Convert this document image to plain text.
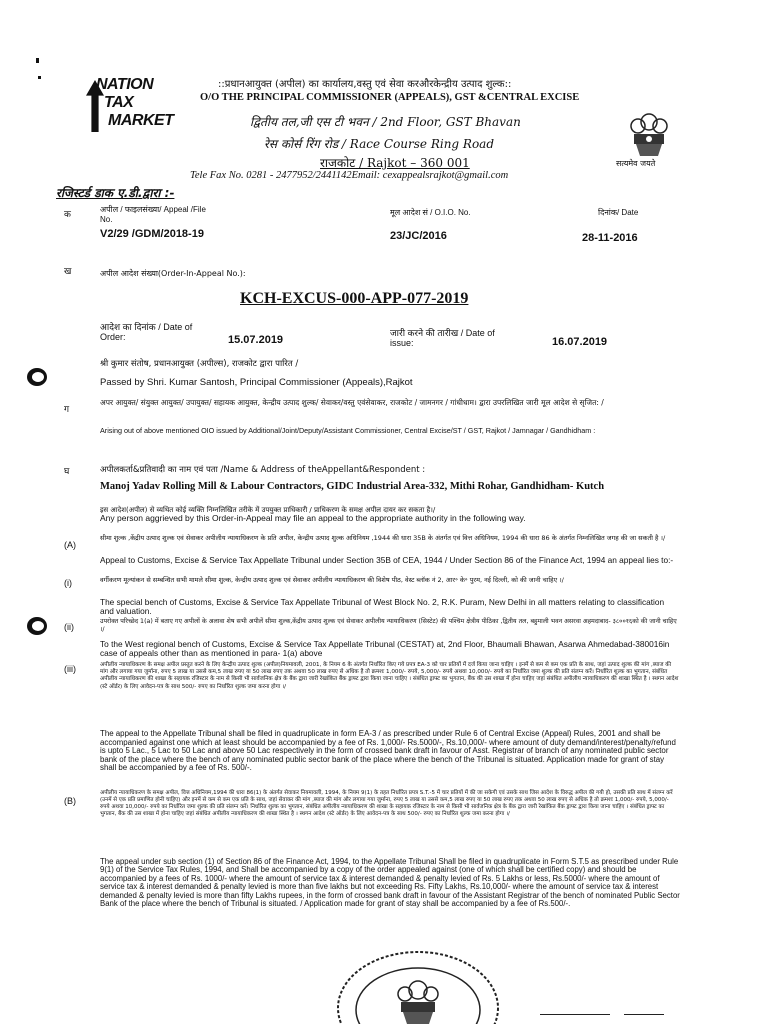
NATION
TAX
MARKET
::प्रधानआयुक्त (अपील) का कार्यालय,वस्तु एवं सेवा करऔरकेन्द्रीय उत्पाद शुल्क::
O/O THE PRINCIPAL COMMISSIONER (APPEALS), GST &CENTRAL EXCISE
द्वितीय तल,जी एस टी भवन / 2nd Floor, GST Bhavan
रेस कोर्स रिंग रोड / Race Course Ring Road
राजकोट / Rajkot – 360 001
Tele Fax No. 0281 - 2477952/2441142Email: cexappealsrajkot@gmail.com
सत्यमेव जयते
रजिस्टर्ड डाक ए.डी.द्वारा :-
क
अपील / फाइलसंख्या/ Appeal /File No.
V2/29 /GDM/2018-19
मूल आदेश सं / O.I.O. No.
23/JC/2016
दिनांक/ Date
28-11-2016
ख	अपील आदेश संख्या(Order-In-Appeal No.):
KCH-EXCUS-000-APP-077-2019
आदेश का दिनांक / Date of Order:	15.07.2019
जारी करने की तारीख / Date of issue:	16.07.2019
श्री कुमार संतोष, प्रधानआयुक्त (अपील्स), राजकोट द्वारा पारित /
Passed by Shri. Kumar Santosh, Principal Commissioner (Appeals),Rajkot
ग
अपर आयुक्त/ संयुक्त आयुक्त/ उपायुक्त/ सहायक आयुक्त, केन्द्रीय उत्पाद शुल्क/ सेवाकर/वस्तु एवंसेवाकर, राजकोट / जामनगर / गांधीधाम। द्वारा उपरलिखित जारी मूल आदेश से सृजित: /
Arising out of above mentioned OIO issued by Additional/Joint/Deputy/Assistant Commissioner, Central Excise/ST / GST, Rajkot / Jamnagar / Gandhidham :
घ	अपीलकर्ता&प्रतिवादी का नाम एवं पता /Name & Address of theAppellant&Respondent :
Manoj Yadav Rolling Mill & Labour Contractors, GIDC Industrial Area-332, Mithi Rohar, Gandhidham- Kutch
इस आदेश(अपील) से व्यथित कोई व्यक्ति निम्नलिखित तरीके में उपयुक्त प्राधिकारी / प्राधिकरण के समक्ष अपील दायर कर सकता है।/
Any person aggrieved by this Order-in-Appeal may file an appeal to the appropriate authority in the following way.
(A)
सीमा शुल्क ,केंद्रीय उत्पाद शुल्क एवं सेवाकर अपीलीय न्यायाधिकरण के प्रति अपील, केन्द्रीय उत्पाद शुल्क अधिनियम ,1944 की धारा 35B के अंतर्गत एवं वित्त अधिनियम, 1994 की धारा 86 के अंतर्गत निम्नलिखित जगह की जा सकती है ।/
Appeal to Customs, Excise & Service Tax Appellate Tribunal under Section 35B of CEA, 1944 / Under Section 86 of the Finance Act, 1994 an appeal lies to:-
(i)	वर्गीकरण मूल्यांकन से सम्बन्धित सभी मामले सीमा शुल्क, केन्द्रीय उत्पाद शुल्क एवं सेवाकर अपीलीय न्यायाधिकरण की विशेष पीठ, वेस्ट ब्लॉक नं 2, आर॰ के॰ पुरम, नई दिल्ली, को की जानी चाहिए ।/
The special bench of Customs, Excise & Service Tax Appellate Tribunal of West Block No. 2, R.K. Puram, New Delhi in all matters relating to classification and valuation.
(ii)
उपरोक्त परिच्छेद 1(a) में बताए गए अपीलों के अलावा शेष सभी अपीलें सीमा शुल्क,केंद्रीय उत्पाद शुल्क एवं सेवाकर अपीलीय न्यायाधिकरण (सिस्टेट) की पश्चिम क्षेत्रीय पीठिका ,द्वितीय तल, बहुमाली भवन असरवा अहमदाबाद- ३८००१६को की जानी चाहिए ।/
To the West regional bench of Customs, Excise & Service Tax Appellate Tribunal (CESTAT) at, 2nd Floor, Bhaumali Bhawan, Asarwa Ahmedabad-380016in case of appeals other than as mentioned in para- 1(a) above
(iii)	अपीलीय न्यायाधिकरण के समक्ष अपील प्रस्तुत करने के लिए केन्द्रीय उत्पाद शुल्क (अपील)नियमावली, 2001, के नियम 6 के अंतर्गत निर्धारित किए गये प्रपत्र EA-3 को चार प्रतियों में दर्ज किया जाना चाहिए । इनमें से कम से कम एक प्रति के साथ, जहां उत्पाद शुल्क की मांग ,ब्याज की मांग और लगाया गया जुर्माना, रुपए 5 लाख या उससे कम,5 लाख रुपए या 50 लाख रुपए तक अथवा 50 लाख रुपए से अधिक है तो क्रमशः 1,000/- रुपये, 5,000/- रुपये अथवा 10,000/- रुपये का निर्धारित जमा शुल्क की प्रति संलग्न करें। निर्धारित शुल्क का भुगतान, संबंधित अपीलीय न्यायाधिकरण की शाखा के सहायक रजिस्टार के नाम से किसी भी सार्वजनिक क्षेत्र के बैंक द्वारा जारी रेखांकित बैंक ड्राफ्ट द्वारा किया जाना चाहिए । संबंधित ड्राफ्ट का भुगतान, बैंक की उस शाखा में होना चाहिए जहां संबंधित अपीलीय न्यायाधिकरण की शाखा स्थित है । स्थगन आदेश (स्टे ऑर्डर) के लिए आवेदन-पत्र के साथ 500/- रुपए का निर्धारित शुल्क जमा करना होगा ।/
The appeal to the Appellate Tribunal shall be filed in quadruplicate in form EA-3 / as prescribed under Rule 6 of Central Excise (Appeal) Rules, 2001 and shall be accompanied against one which at least should be accompanied by a fee of Rs. 1,000/- Rs.5000/-, Rs.10,000/- where amount of duty demand/interest/penalty/refund is upto 5 Lac., 5 Lac to 50 Lac and above 50 Lac respectively in the form of crossed bank draft in favour of Asst. Registrar of branch of any nominated public sector bank of the place where the bench of any nominated public sector bank of the place where the bench of the Tribunal is situated. Application made for grant of stay shall be accompanied by a fee of Rs. 500/-.
(B)
अपीलीय न्यायाधिकरण के समक्ष अपील, वित्त अधिनियम,1994 की धारा 86(1) के अंतर्गत सेवाकर नियमावली, 1994, के नियम 9(1) के तहत निर्धारित प्रपत्र S.T.-5 में चार प्रतियों में की जा सकेगी एवं उसके साथ जिस आदेश के विरुद्ध अपील की गयी हो, उसकी प्रति साथ में संलग्न करें (उनमें से एक प्रति प्रमाणित होनी चाहिए) और इनमें से कम से कम एक प्रति के साथ, जहां सेवाकर की मांग ,ब्याज की मांग और लगाया गया जुर्माना, रुपए 5 लाख या उससे कम,5 लाख रुपए या 50 लाख रुपए तक अथवा 50 लाख रुपए से अधिक है तो क्रमशः 1,000/- रुपये, 5,000/- रुपये अथवा 10,000/- रुपये का निर्धारित जमा शुल्क की प्रति संलग्न करें। निर्धारित शुल्क का भुगतान, संबंधित अपीलीय न्यायाधिकरण की शाखा के सहायक रजिस्टार के नाम से किसी भी सार्वजनिक क्षेत्र के बैंक द्वारा जारी रेखांकित बैंक ड्राफ्ट द्वारा किया जाना चाहिए । संबंधित ड्राफ्ट का भुगतान, बैंक की उस शाखा में होना चाहिए जहां संबंधित अपीलीय न्यायाधिकरण की शाखा स्थित है । स्थगन आदेश (स्टे ऑर्डर) के लिए आवेदन-पत्र के साथ 500/- रुपए का निर्धारित शुल्क जमा करना होगा ।/
The appeal under sub section (1) of Section 86 of the Finance Act, 1994, to the Appellate Tribunal Shall be filed in quadruplicate in Form S.T.5 as prescribed under Rule 9(1) of the Service Tax Rules, 1994, and Shall be accompanied by a copy of the order appealed against (one of which shall be certified copy) and should be accompanied by a fees of Rs. 1000/- where the amount of service tax & interest demanded & penalty levied of Rs. 5 Lakhs or less, Rs.5000/- where the amount of service tax & interest demanded & penalty levied is more than five lakhs but not exceeding Rs. Fifty Lakhs, Rs.10,000/- where the amount of service tax & interest demanded & penalty levied is more than fifty Lakhs rupees, in the form of crossed bank draft in favour of the Assistant Registrar of the bench of nominated Public Sector Bank of the place where the bench of Tribunal is situated. / Application made for grant of stay shall be accompanied by a fee of Rs.500/-.
